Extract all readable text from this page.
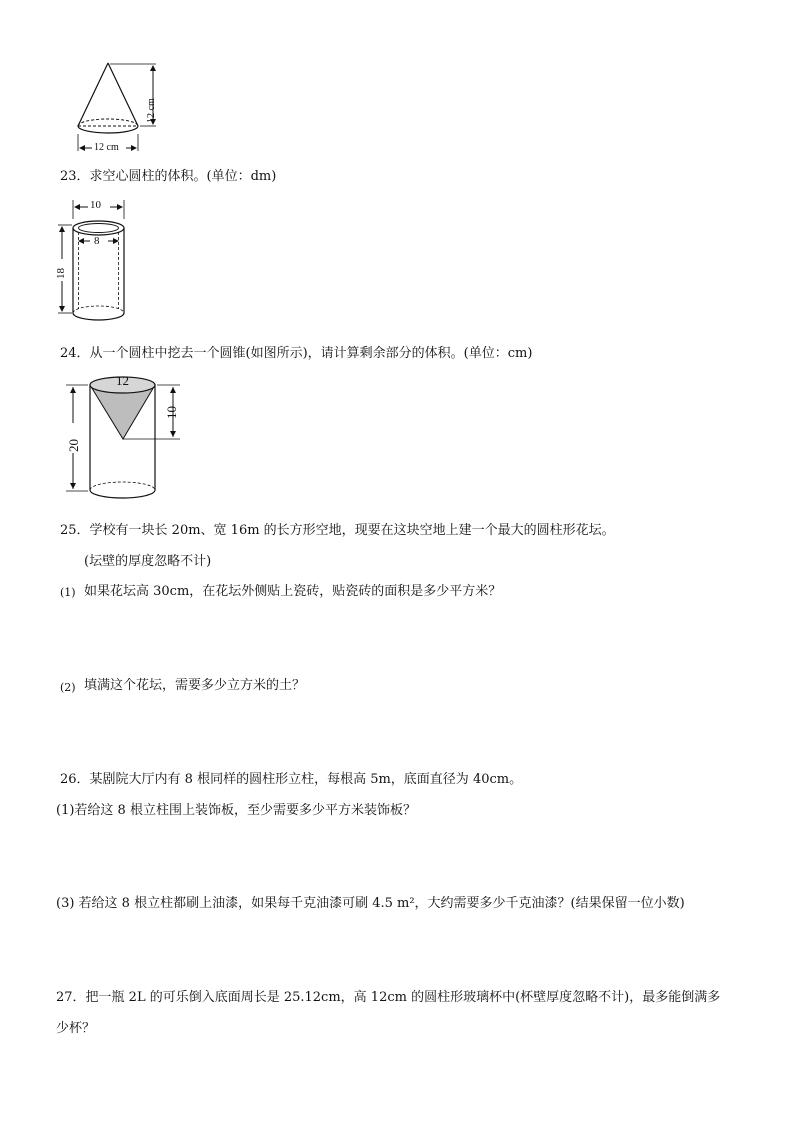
12 cm
12 cm
23．求空心圆柱的体积。(单位：dm)
10
8
18
24．从一个圆柱中挖去一个圆锥(如图所示)，请计算剩余部分的体积。(单位：cm)
12
10
20
25．学校有一块长 20m、宽 16m 的长方形空地，现要在这块空地上建一个最大的圆柱形花坛。
(坛壁的厚度忽略不计)
(1) 如果花坛高 30cm，在花坛外侧贴上瓷砖，贴瓷砖的面积是多少平方米？
(2) 填满这个花坛，需要多少立方米的土？
26．某剧院大厅内有 8 根同样的圆柱形立柱，每根高 5m，底面直径为 40cm。
(1)若给这 8 根立柱围上装饰板，至少需要多少平方米装饰板？
(3) 若给这 8 根立柱都刷上油漆，如果每千克油漆可刷 4.5 m²，大约需要多少千克油漆？(结果保留一位小数)
27．把一瓶 2L 的可乐倒入底面周长是 25.12cm，高 12cm 的圆柱形玻璃杯中(杯壁厚度忽略不计)，最多能倒满多
少杯？
